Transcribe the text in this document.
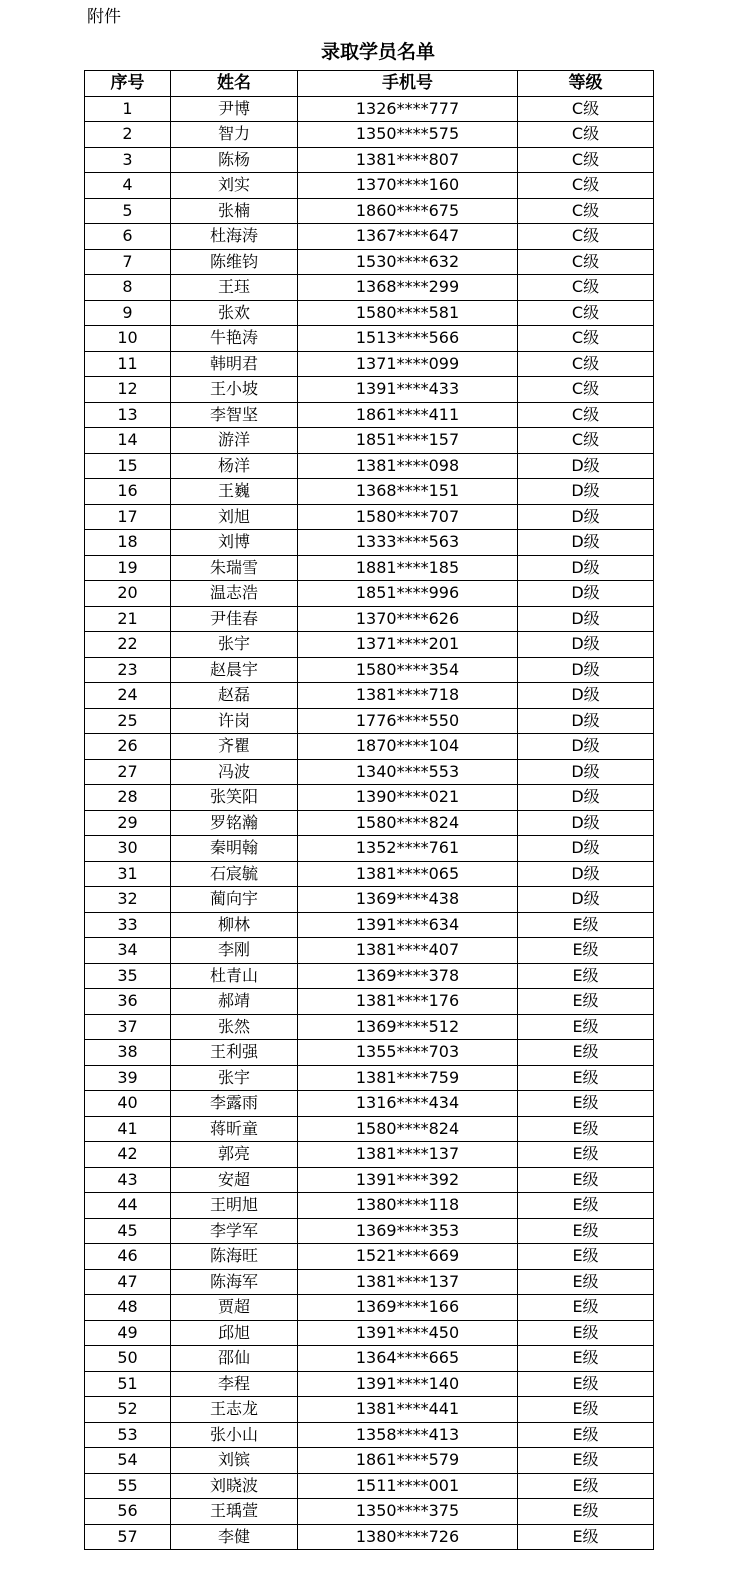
附件
录取学员名单
序号	姓名	手机号	等级
1	尹博	1326****777	C级
2	智力	1350****575	C级
3	陈杨	1381****807	C级
4	刘实	1370****160	C级
5	张楠	1860****675	C级
6	杜海涛	1367****647	C级
7	陈维钧	1530****632	C级
8	王珏	1368****299	C级
9	张欢	1580****581	C级
10	牛艳涛	1513****566	C级
11	韩明君	1371****099	C级
12	王小坡	1391****433	C级
13	李智坚	1861****411	C级
14	游洋	1851****157	C级
15	杨洋	1381****098	D级
16	王巍	1368****151	D级
17	刘旭	1580****707	D级
18	刘博	1333****563	D级
19	朱瑞雪	1881****185	D级
20	温志浩	1851****996	D级
21	尹佳春	1370****626	D级
22	张宇	1371****201	D级
23	赵晨宇	1580****354	D级
24	赵磊	1381****718	D级
25	许岗	1776****550	D级
26	齐瞿	1870****104	D级
27	冯波	1340****553	D级
28	张笑阳	1390****021	D级
29	罗铭瀚	1580****824	D级
30	秦明翰	1352****761	D级
31	石宸毓	1381****065	D级
32	蔺向宇	1369****438	D级
33	柳林	1391****634	E级
34	李刚	1381****407	E级
35	杜青山	1369****378	E级
36	郝靖	1381****176	E级
37	张然	1369****512	E级
38	王利强	1355****703	E级
39	张宇	1381****759	E级
40	李露雨	1316****434	E级
41	蒋昕童	1580****824	E级
42	郭亮	1381****137	E级
43	安超	1391****392	E级
44	王明旭	1380****118	E级
45	李学军	1369****353	E级
46	陈海旺	1521****669	E级
47	陈海军	1381****137	E级
48	贾超	1369****166	E级
49	邱旭	1391****450	E级
50	邵仙	1364****665	E级
51	李程	1391****140	E级
52	王志龙	1381****441	E级
53	张小山	1358****413	E级
54	刘镔	1861****579	E级
55	刘晓波	1511****001	E级
56	王瑀萱	1350****375	E级
57	李健	1380****726	E级
